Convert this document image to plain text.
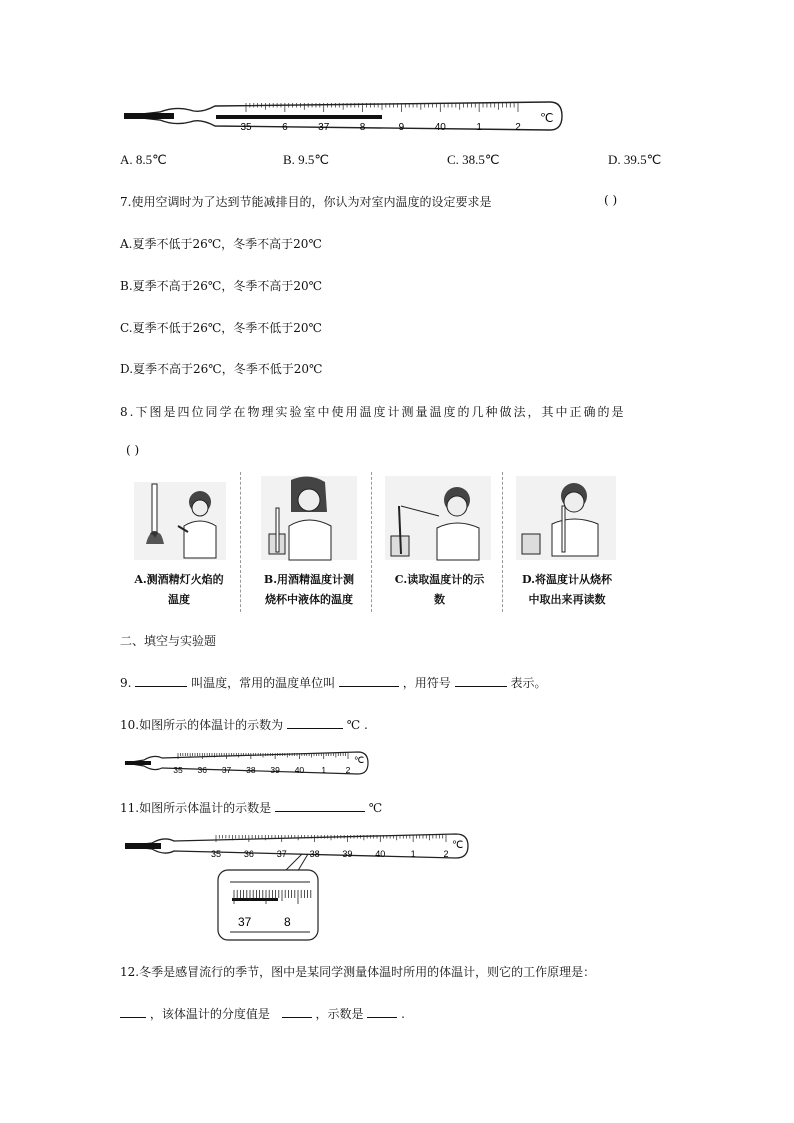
35	6	37	8	9	40	1	2
℃
A. 8.5℃	B. 9.5℃	C. 38.5℃	D. 39.5℃
7.使用空调时为了达到节能减排目的，你认为对室内温度的设定要求是	( )
A.夏季不低于26℃，冬季不高于20℃
B.夏季不高于26℃，冬季不高于20℃
C.夏季不低于26℃，冬季不低于20℃
D.夏季不高于26℃，冬季不低于20℃
8.下图是四位同学在物理实验室中使用温度计测量温度的几种做法，其中正确的是
( )
A.测酒精灯火焰的
温度
B.用酒精温度计测
烧杯中液体的温度
C.读取温度计的示
数
D.将温度计从烧杯
中取出来再读数
二、填空与实验题
9.	叫温度，常用的温度单位叫	，用符号	表示。
10.如图所示的体温计的示数为	℃ .
35 36 37 38 39 40 1 2
℃
11.如图所示体温计的示数是	℃
35	36	37	38	39	40	1	2
℃
37	8
12.冬季是感冒流行的季节，图中是某同学测量体温时所用的体温计，则它的工作原理是：
，该体温计的分度值是	，示数是	.
